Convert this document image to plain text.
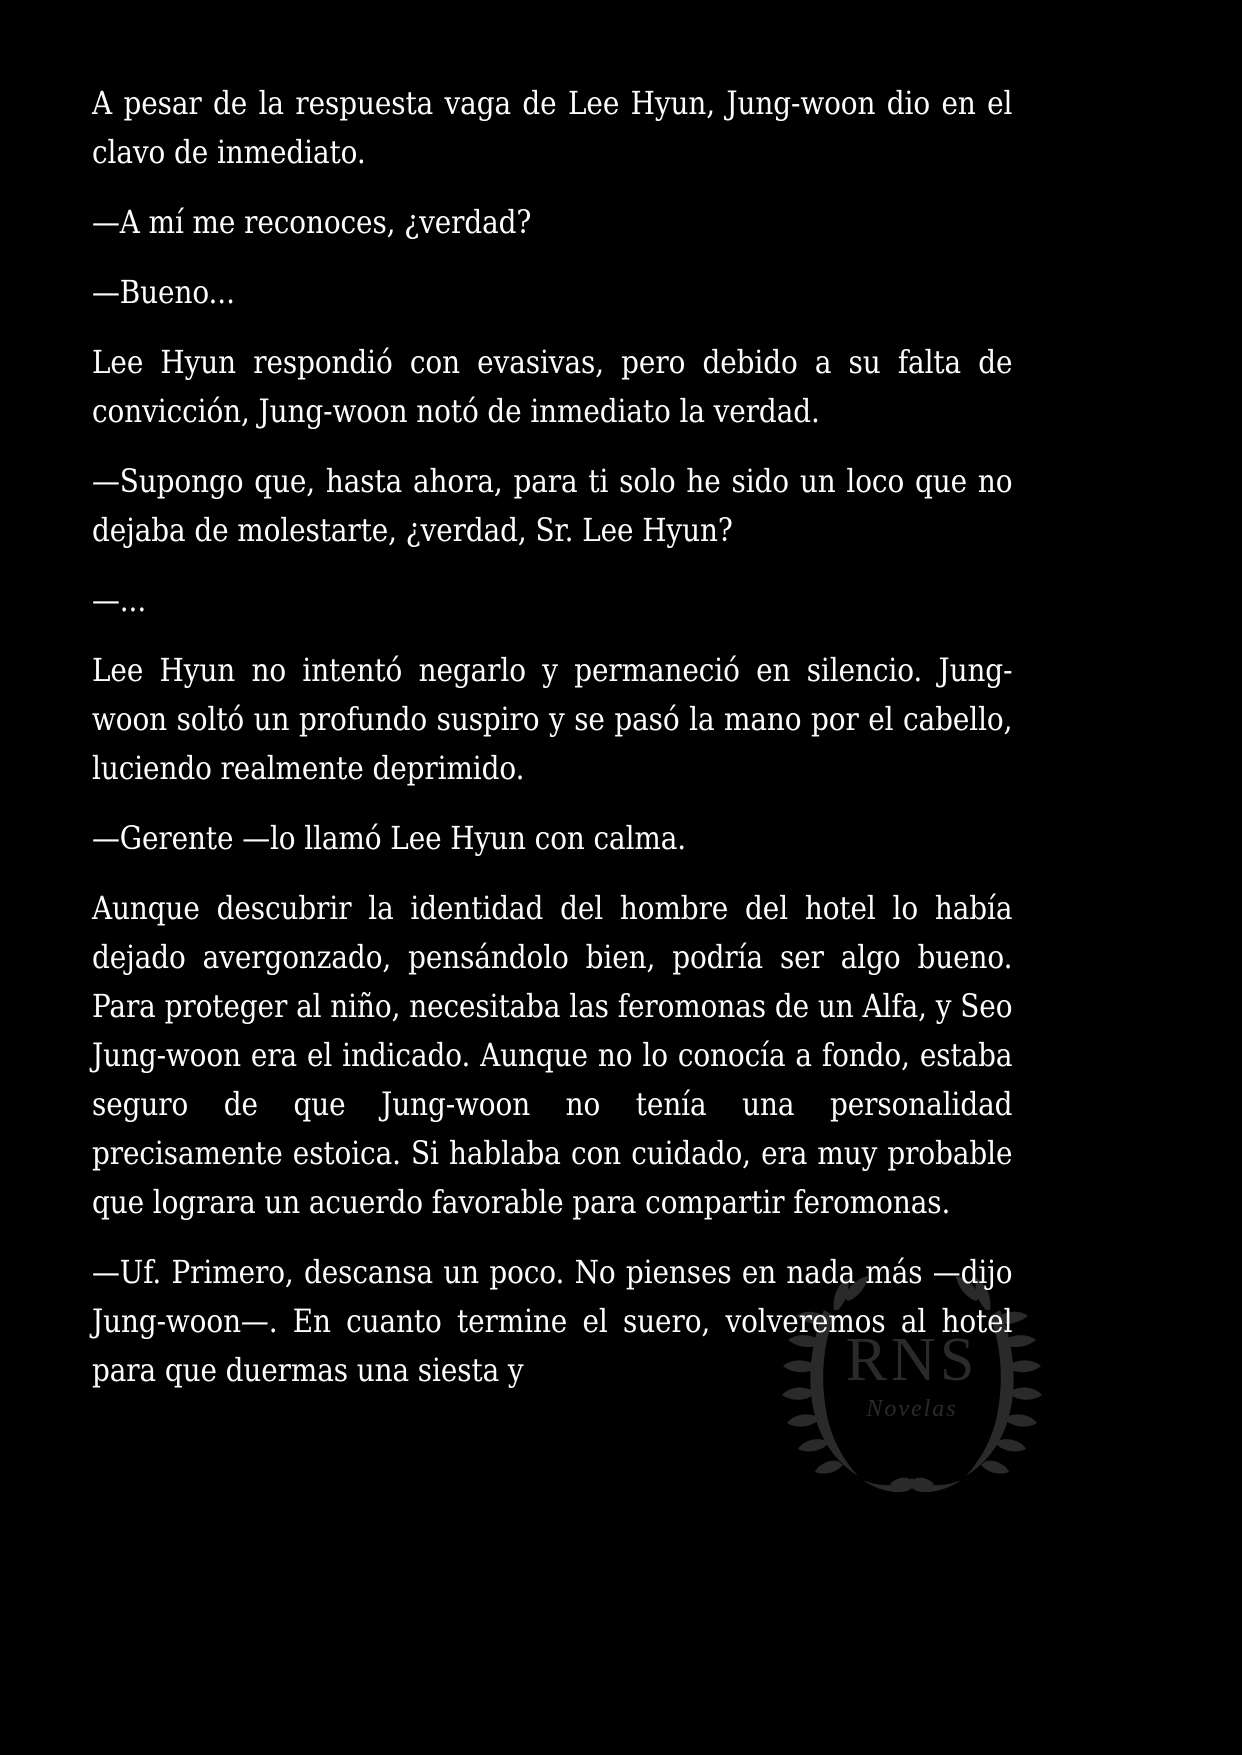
RNS
Novelas

A pesar de la respuesta vaga de Lee Hyun, Jung-woon dio en el clavo de inmediato.

—A mí me reconoces, ¿verdad?

—Bueno...

Lee Hyun respondió con evasivas, pero debido a su falta de convicción, Jung-woon notó de inmediato la verdad.

—Supongo que, hasta ahora, para ti solo he sido un loco que no dejaba de molestarte, ¿verdad, Sr. Lee Hyun?

—...

Lee Hyun no intentó negarlo y permaneció en silencio. Jung-woon soltó un profundo suspiro y se pasó la mano por el cabello, luciendo realmente deprimido.

—Gerente —lo llamó Lee Hyun con calma.

Aunque descubrir la identidad del hombre del hotel lo había dejado avergonzado, pensándolo bien, podría ser algo bueno. Para proteger al niño, necesitaba las feromonas de un Alfa, y Seo Jung-woon era el indicado. Aunque no lo conocía a fondo, estaba seguro de que Jung-woon no tenía una personalidad precisamente estoica. Si hablaba con cuidado, era muy probable que lograra un acuerdo favorable para compartir feromonas.

—Uf. Primero, descansa un poco. No pienses en nada más —dijo Jung-woon—. En cuanto termine el suero, volveremos al hotel para que duermas una siesta y
